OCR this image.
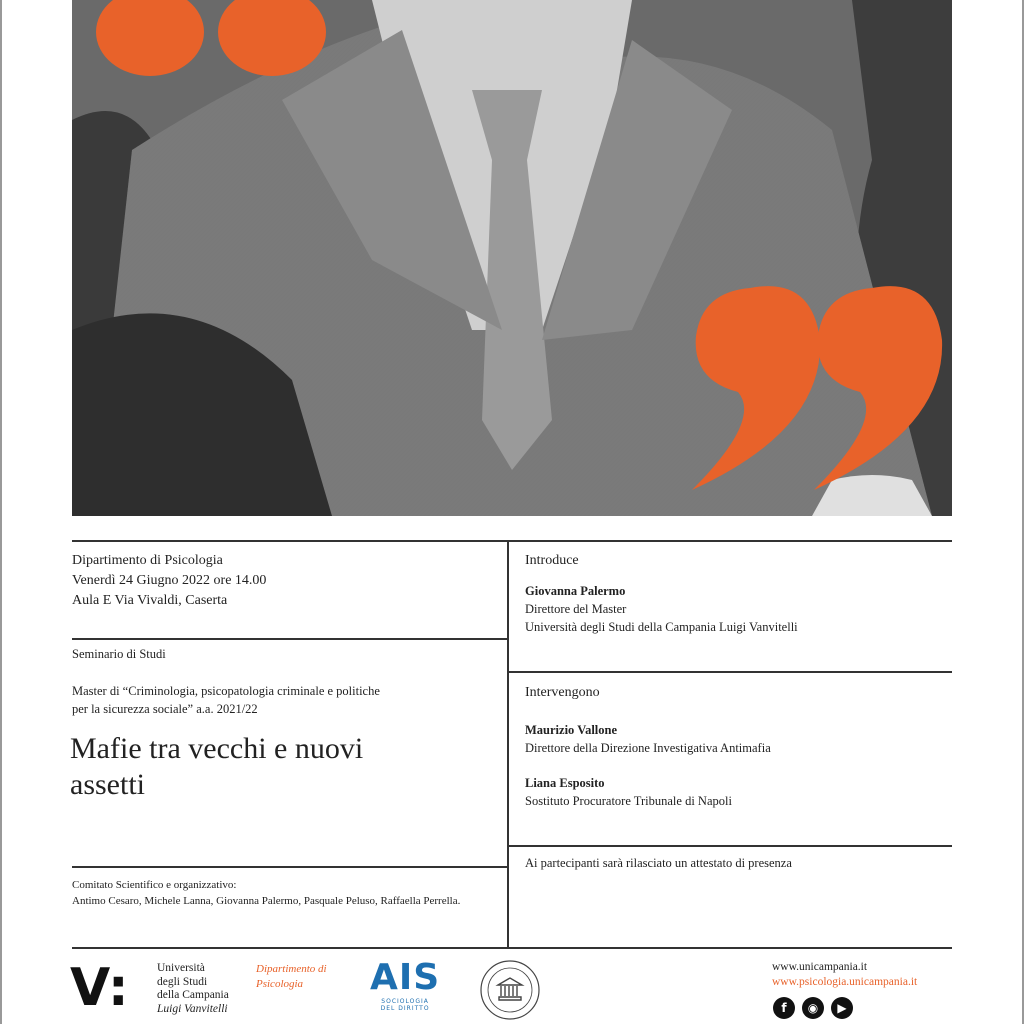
Dipartimento di Psicologia
Venerdì 24 Giugno 2022 ore 14.00
Aula E Via Vivaldi, Caserta
Seminario di Studi
Master di “Criminologia, psicopatologia criminale e politiche
per la sicurezza sociale” a.a. 2021/22
Mafie tra vecchi e nuovi
assetti
Comitato Scientifico e organizzativo:
Antimo Cesaro, Michele Lanna, Giovanna Palermo, Pasquale Peluso, Raffaella Perrella.
Introduce
Giovanna Palermo
Direttore del Master
Università degli Studi della Campania Luigi Vanvitelli
Intervengono
Maurizio Vallone
Direttore della Direzione Investigativa Antimafia
Liana Esposito
Sostituto Procuratore Tribunale di Napoli
Ai partecipanti sarà rilasciato un attestato di presenza
V: Università
degli Studi
della Campania
Luigi Vanvitelli
Dipartimento di
Psicologia	AIS
SOCIOLOGIA
DEL DIRITTO
www.unicampania.it
www.psicologia.unicampania.it
f	◉	▶
